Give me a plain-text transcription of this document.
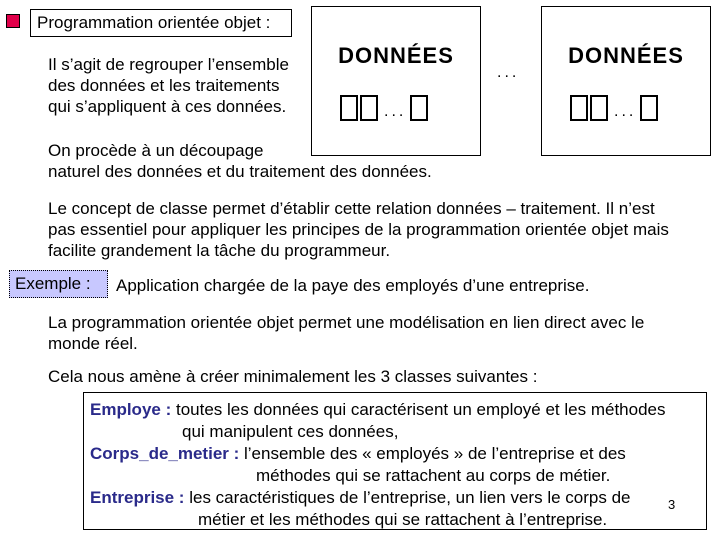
Programmation orientée objet :
Il s’agit de regrouper l’ensemble
des données et les traitements
qui s’appliquent à ces données.
DONNÉES
...
...
DONNÉES
...
On procède à un découpage
naturel des données et du traitement des données.
Le concept de classe permet d’établir cette relation données – traitement. Il n’est
pas essentiel pour appliquer les principes de la programmation orientée objet mais
facilite grandement la tâche du programmeur.
Exemple :	Application chargée de la paye des employés d’une entreprise.
La programmation orientée objet permet une modélisation en lien direct avec le
monde réel.
Cela nous amène à créer minimalement les 3 classes suivantes :
Employe : toutes les données qui caractérisent un employé et les méthodes
qui manipulent ces données,
Corps_de_metier : l’ensemble des « employés » de l’entreprise et des
méthodes qui se rattachent au corps de métier.
Entreprise : les caractéristiques de l’entreprise, un lien vers le corps de
métier et les méthodes qui se rattachent à l’entreprise.
3
